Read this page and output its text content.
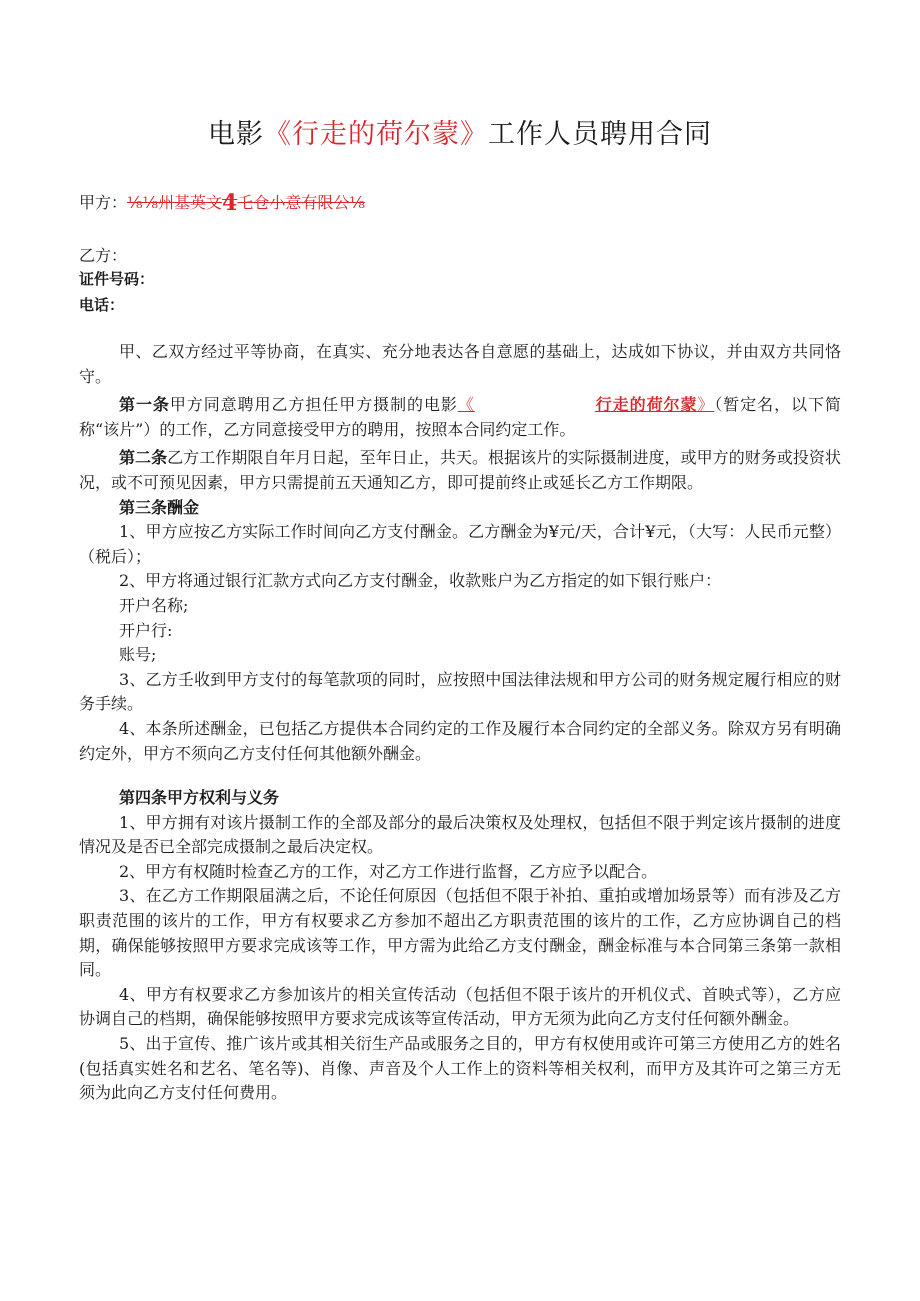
电影《行走的荷尔蒙》工作人员聘用合同
甲方：⅛⅛州基英文4乇仓小意有限公⅛
乙方：
证件号码：
电话：

甲、乙双方经过平等协商，在真实、充分地表达各自意愿的基础上，达成如下协议，并由双方共同恪守。

第一条甲方同意聘用乙方担任甲方摄制的电影《	行走的荷尔蒙》（暂定名，以下简称“该片”）的工作，乙方同意接受甲方的聘用，按照本合同约定工作。

第二条乙方工作期限自年月日起，至年日止，共天。根据该片的实际摄制进度，或甲方的财务或投资状况，或不可预见因素，甲方只需提前五天通知乙方，即可提前终止或延长乙方工作期限。

第三条酬金

1、甲方应按乙方实际工作时间向乙方支付酬金。乙方酬金为¥元/天，合计¥元，（大写：人民币元整）（税后）；

2、甲方将通过银行汇款方式向乙方支付酬金，收款账户为乙方指定的如下银行账户：

开户名称;

开户行:

账号;

3、乙方壬收到甲方支付的每笔款项的同时，应按照中国法律法规和甲方公司的财务规定履行相应的财务手续。

4、本条所述酬金，已包括乙方提供本合同约定的工作及履行本合同约定的全部义务。除双方另有明确约定外，甲方不须向乙方支付任何其他额外酬金。

第四条甲方权利与义务

1、甲方拥有对该片摄制工作的全部及部分的最后决策权及处理权，包括但不限于判定该片摄制的进度情况及是否已全部完成摄制之最后决定权。

2、甲方有权随时检查乙方的工作，对乙方工作进行监督，乙方应予以配合。

3、在乙方工作期限届满之后，不论任何原因（包括但不限于补拍、重拍或增加场景等）而有涉及乙方职责范围的该片的工作，甲方有权要求乙方参加不超出乙方职责范围的该片的工作，乙方应协调自己的档期，确保能够按照甲方要求完成该等工作，甲方需为此给乙方支付酬金，酬金标准与本合同第三条第一款相同。

4、甲方有权要求乙方参加该片的相关宣传活动（包括但不限于该片的开机仪式、首映式等），乙方应协调自己的档期，确保能够按照甲方要求完成该等宣传活动，甲方无须为此向乙方支付任何额外酬金。

5、出于宣传、推广该片或其相关衍生产品或服务之目的，甲方有权使用或许可第三方使用乙方的姓名(包括真实姓名和艺名、笔名等)、肖像、声音及个人工作上的资料等相关权利，而甲方及其许可之第三方无须为此向乙方支付任何费用。
